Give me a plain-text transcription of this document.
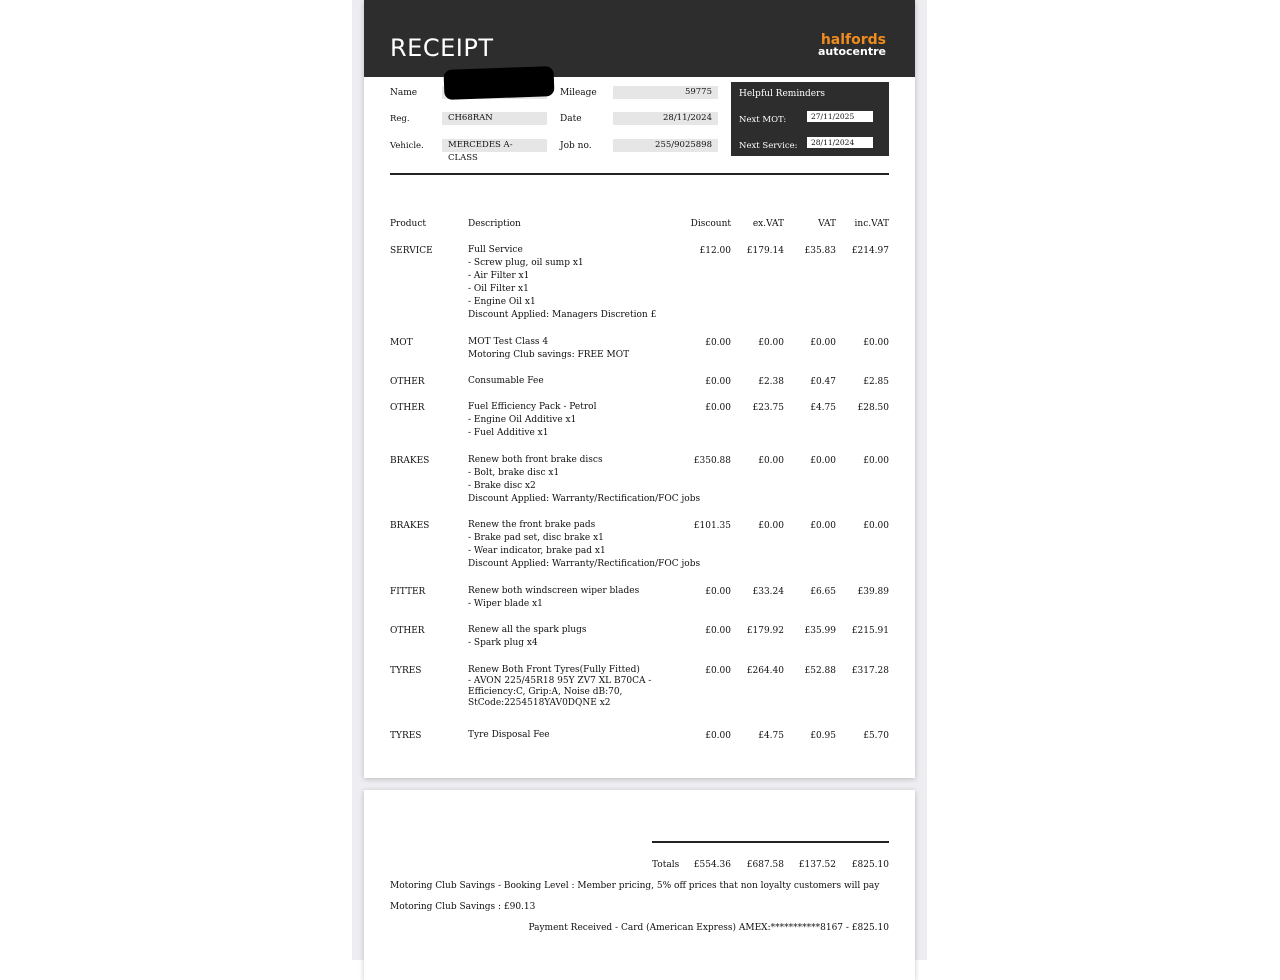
RECEIPT	halfords
autocentre
Name
Reg.	CH68RAN
Vehicle.	MERCEDES A-CLASS
Mileage	59775
Date	28/11/2024
Job no.	255/9025898
Helpful Reminders
Next MOT:	27/11/2025
Next Service:	28/11/2024
Product	Description	Discount ex.VAT	VAT inc.VAT
SERVICE	Full Service
- Screw plug, oil sump x1
- Air Filter x1
- Oil Filter x1
- Engine Oil x1
Discount Applied: Managers Discretion £
£12.00 £179.14 £35.83 £214.97
MOT	MOT Test Class 4
Motoring Club savings: FREE MOT
£0.00	£0.00	£0.00	£0.00
OTHER	Consumable Fee	£0.00	£2.38	£0.47	£2.85
OTHER	Fuel Efficiency Pack - Petrol
- Engine Oil Additive x1
- Fuel Additive x1
£0.00 £23.75	£4.75 £28.50
BRAKES	Renew both front brake discs
- Bolt, brake disc x1
- Brake disc x2
Discount Applied: Warranty/Rectification/FOC jobs
£350.88	£0.00	£0.00	£0.00
BRAKES	Renew the front brake pads
- Brake pad set, disc brake x1
- Wear indicator, brake pad x1
Discount Applied: Warranty/Rectification/FOC jobs
£101.35	£0.00	£0.00	£0.00
FITTER	Renew both windscreen wiper blades
- Wiper blade x1
£0.00 £33.24	£6.65 £39.89
OTHER	Renew all the spark plugs
- Spark plug x4
£0.00 £179.92 £35.99 £215.91
TYRES	Renew Both Front Tyres(Fully Fitted)
- AVON 225/45R18 95Y ZV7 XL B70CA -
Efficiency:C, Grip:A, Noise dB:70,
StCode:2254518YAV0DQNE x2
£0.00 £264.40 £52.88 £317.28
TYRES	Tyre Disposal Fee	£0.00	£4.75	£0.95	£5.70
Totals £554.36 £687.58 £137.52 £825.10
Motoring Club Savings - Booking Level : Member pricing, 5% off prices that non loyalty customers will pay
Motoring Club Savings : £90.13
Payment Received - Card (American Express) AMEX:***********8167 - £825.10
